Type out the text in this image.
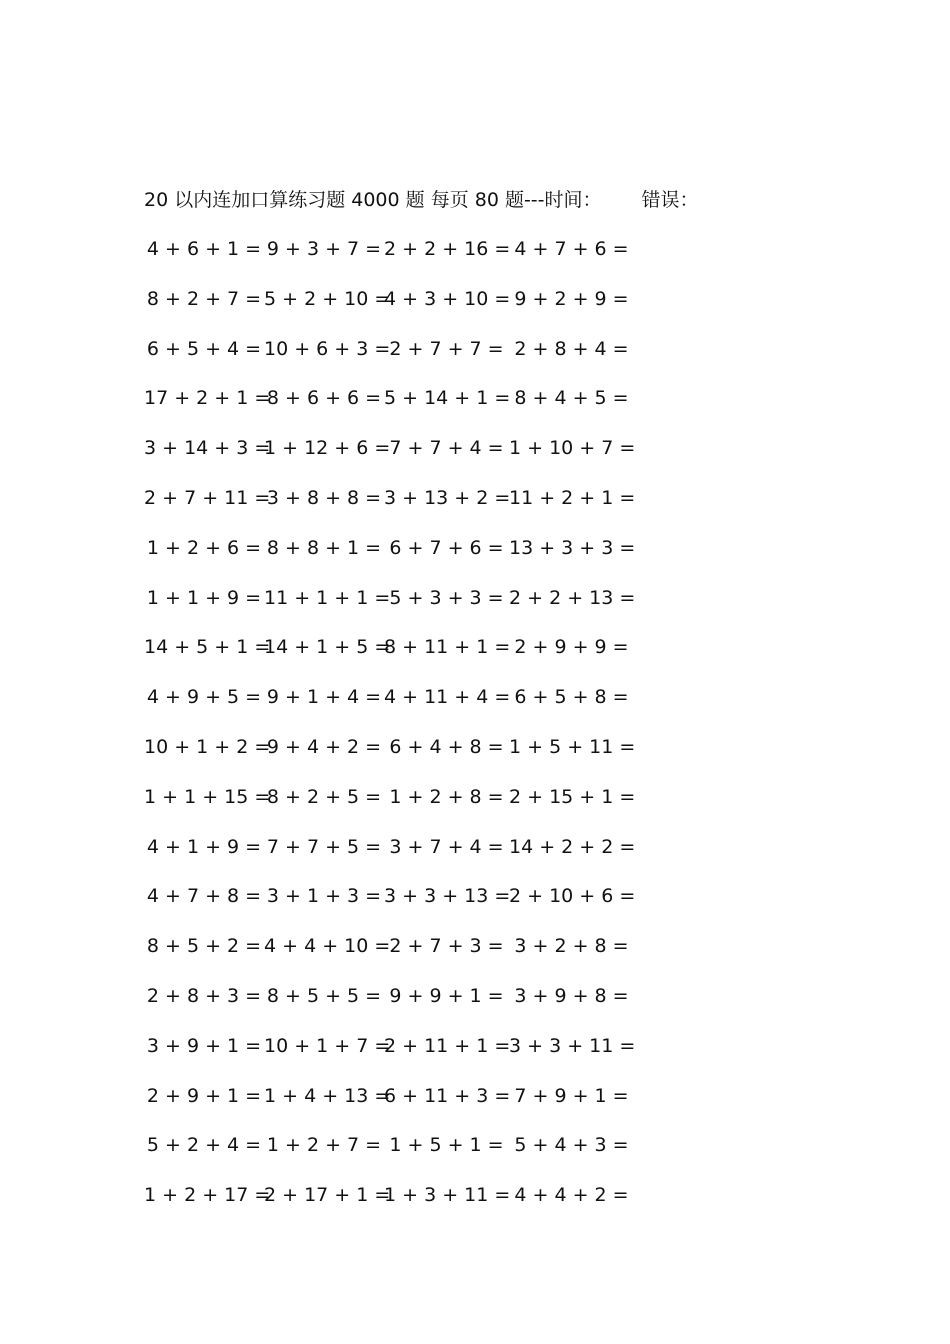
20 以内连加口算练习题 4000 题 每页 80 题---时间： 错误：
4 + 6 + 1 = 9 + 3 + 7 = 2 + 2 + 16 = 4 + 7 + 6 =
8 + 2 + 7 = 5 + 2 + 10 =
4 + 3 + 10 = 9 + 2 + 9 =
6 + 5 + 4 = 10 + 6 + 3 = 2 + 7 + 7 = 2 + 8 + 4 =
17 + 2 + 1 =
8 + 6 + 6 = 5 + 14 + 1 = 8 + 4 + 5 =
3 + 14 + 3 =
1 + 12 + 6 = 7 + 7 + 4 = 1 + 10 + 7 =
2 + 7 + 11 =
3 + 8 + 8 = 3 + 13 + 2 =
11 + 2 + 1 =
1 + 2 + 6 = 8 + 8 + 1 = 6 + 7 + 6 = 13 + 3 + 3 =
1 + 1 + 9 = 11 + 1 + 1 = 5 + 3 + 3 = 2 + 2 + 13 =
14 + 5 + 1 =
14 + 1 + 5 =
8 + 11 + 1 = 2 + 9 + 9 =
4 + 9 + 5 = 9 + 1 + 4 = 4 + 11 + 4 = 6 + 5 + 8 =
10 + 1 + 2 =
9 + 4 + 2 = 6 + 4 + 8 = 1 + 5 + 11 =
1 + 1 + 15 =
8 + 2 + 5 = 1 + 2 + 8 = 2 + 15 + 1 =
4 + 1 + 9 = 7 + 7 + 5 = 3 + 7 + 4 = 14 + 2 + 2 =
4 + 7 + 8 = 3 + 1 + 3 = 3 + 3 + 13 =
2 + 10 + 6 =
8 + 5 + 2 = 4 + 4 + 10 = 2 + 7 + 3 = 3 + 2 + 8 =
2 + 8 + 3 = 8 + 5 + 5 = 9 + 9 + 1 = 3 + 9 + 8 =
3 + 9 + 1 = 10 + 1 + 7 =
2 + 11 + 1 =
3 + 3 + 11 =
2 + 9 + 1 = 1 + 4 + 13 =
6 + 11 + 3 = 7 + 9 + 1 =
5 + 2 + 4 = 1 + 2 + 7 = 1 + 5 + 1 = 5 + 4 + 3 =
1 + 2 + 17 =
2 + 17 + 1 =
1 + 3 + 11 = 4 + 4 + 2 =
